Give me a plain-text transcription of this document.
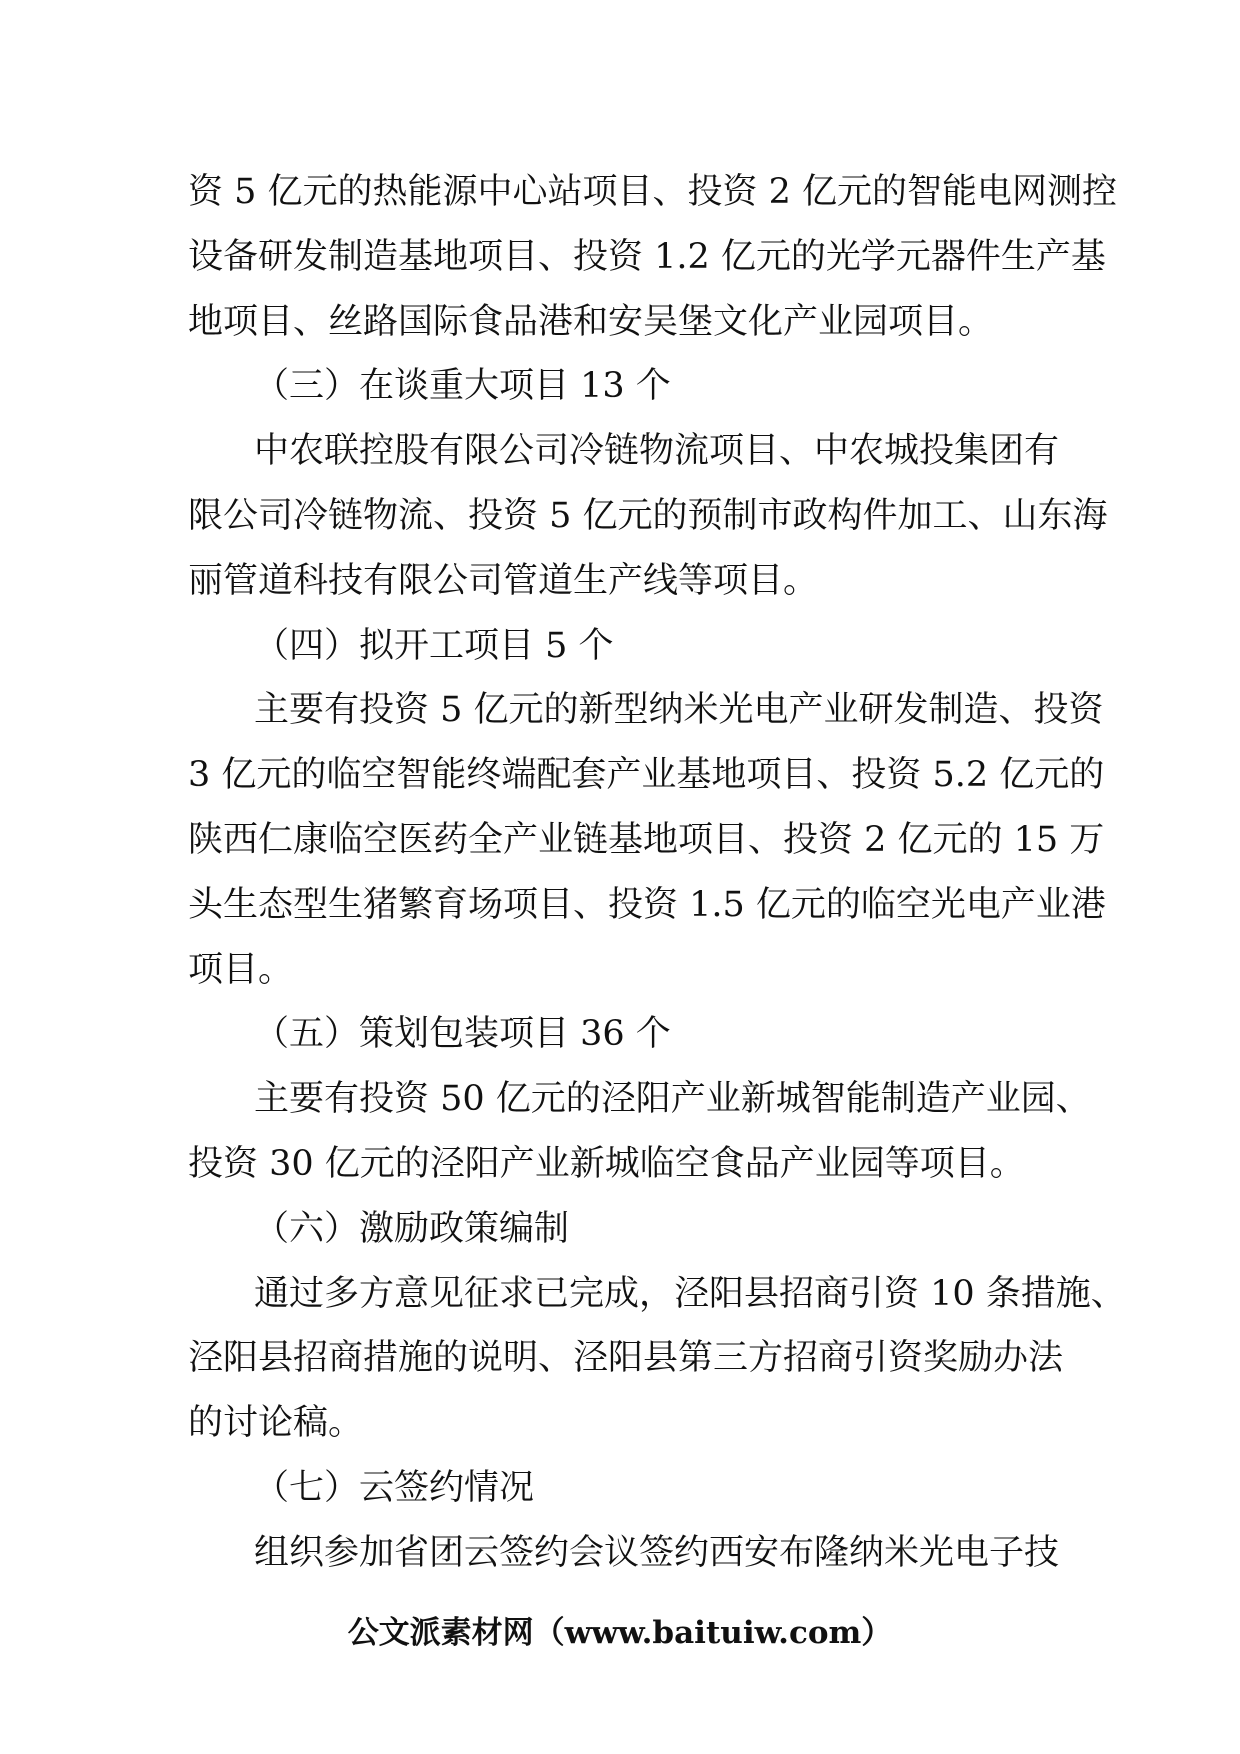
资 5 亿元的热能源中心站项目、投资 2 亿元的智能电网测控
设备研发制造基地项目、投资 1.2 亿元的光学元器件生产基
地项目、丝路国际食品港和安吴堡文化产业园项目。
（三）在谈重大项目 13 个
中农联控股有限公司冷链物流项目、中农城投集团有
限公司冷链物流、投资 5 亿元的预制市政构件加工、山东海
丽管道科技有限公司管道生产线等项目。
（四）拟开工项目 5 个
主要有投资 5 亿元的新型纳米光电产业研发制造、投资
3 亿元的临空智能终端配套产业基地项目、投资 5.2 亿元的
陕西仁康临空医药全产业链基地项目、投资 2 亿元的 15 万
头生态型生猪繁育场项目、投资 1.5 亿元的临空光电产业港
项目。
（五）策划包装项目 36 个
主要有投资 50 亿元的泾阳产业新城智能制造产业园、
投资 30 亿元的泾阳产业新城临空食品产业园等项目。
（六）激励政策编制
通过多方意见征求已完成，泾阳县招商引资 10 条措施、
泾阳县招商措施的说明、泾阳县第三方招商引资奖励办法
的讨论稿。
（七）云签约情况
组织参加省团云签约会议签约西安布隆纳米光电子技
公文派素材网（www.baituiw.com）
